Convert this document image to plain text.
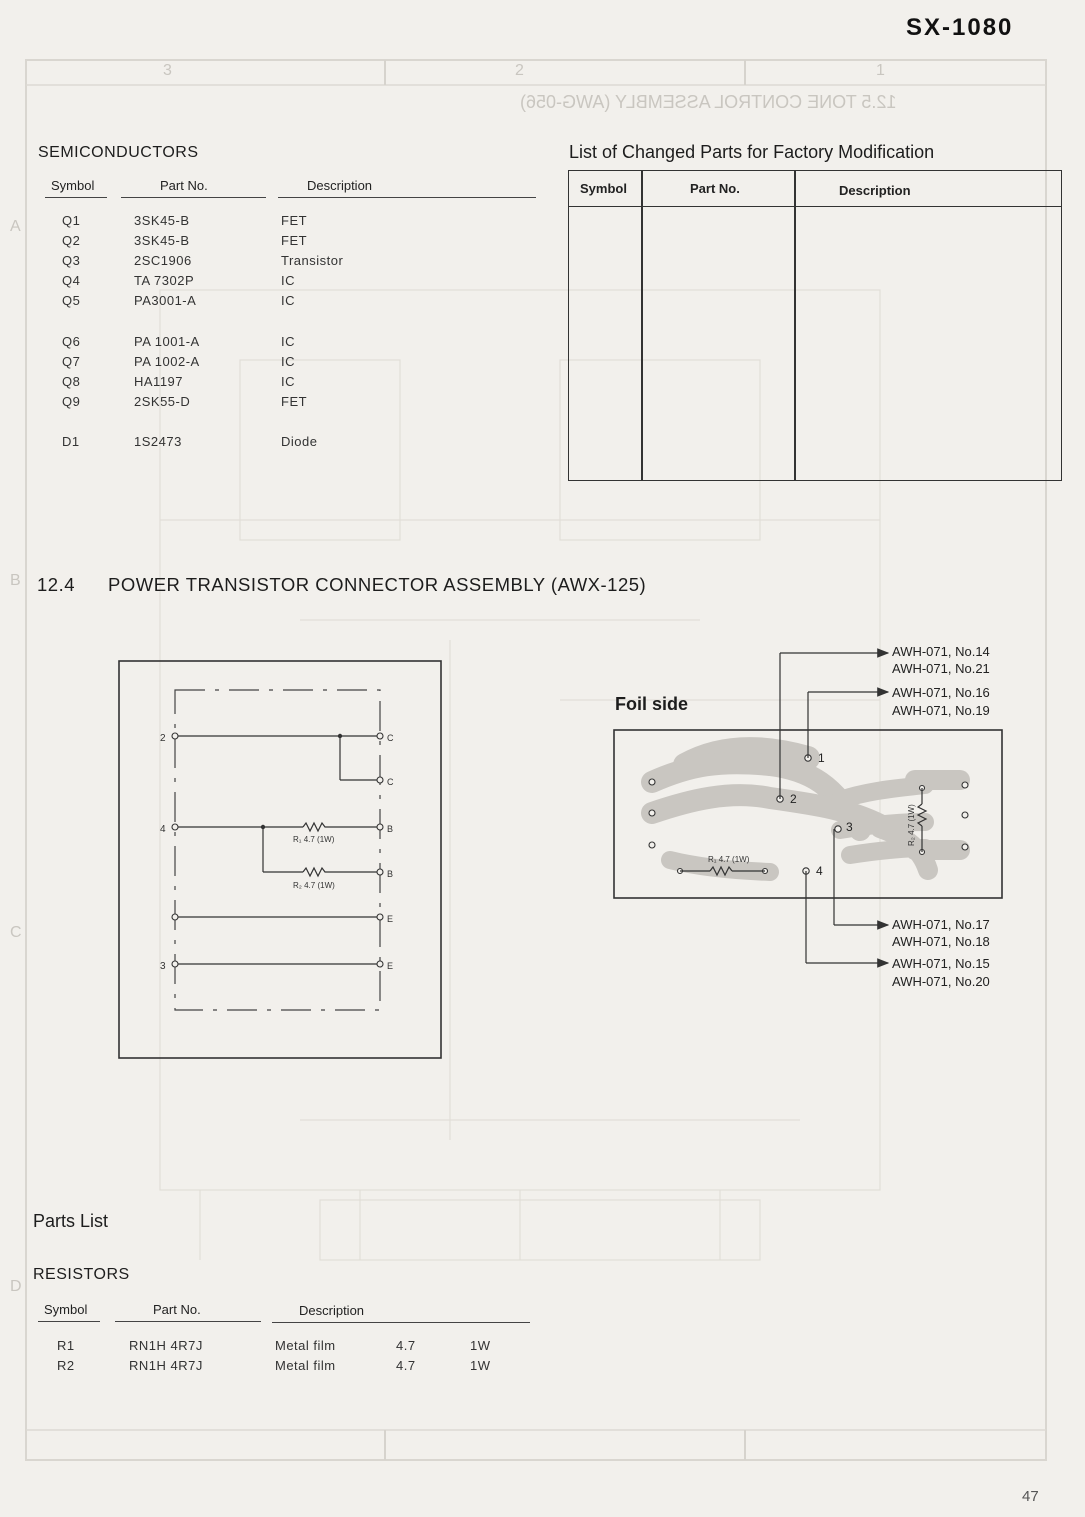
12.5 TONE CONTROL ASSEMBLY (AWG-056)
3	2	1
A
B
C
D
SX-1080
SEMICONDUCTORS
Symbol	Part No.	Description
Q1	3SK45-B	FET
Q2	3SK45-B	FET
Q3	2SC1906	Transistor
Q4	TA 7302P	IC
Q5	PA3001-A	IC
Q6	PA 1001-A	IC
Q7	PA 1002-A	IC
Q8	HA1197	IC
Q9	2SK55-D	FET
D1	1S2473	Diode
List of Changed Parts for Factory Modification
Symbol	Part No.	Description
12.4 POWER TRANSISTOR CONNECTOR ASSEMBLY (AWX-125)
2
4
3
C
C
B
B
E
E
R₁ 4.7 (1W)
R₂ 4.7 (1W)
Foil side
1
2
3
4
R₁ 4.7 (1W)
R₂ 4.7 (1W)
AWH-071, No.14
AWH-071, No.21
AWH-071, No.16
AWH-071, No.19
AWH-071, No.17
AWH-071, No.18
AWH-071, No.15
AWH-071, No.20
Parts List
RESISTORS
Symbol	Part No.	Description
R1	RN1H 4R7J	Metal film	4.7	1W
R2	RN1H 4R7J	Metal film	4.7	1W
47
